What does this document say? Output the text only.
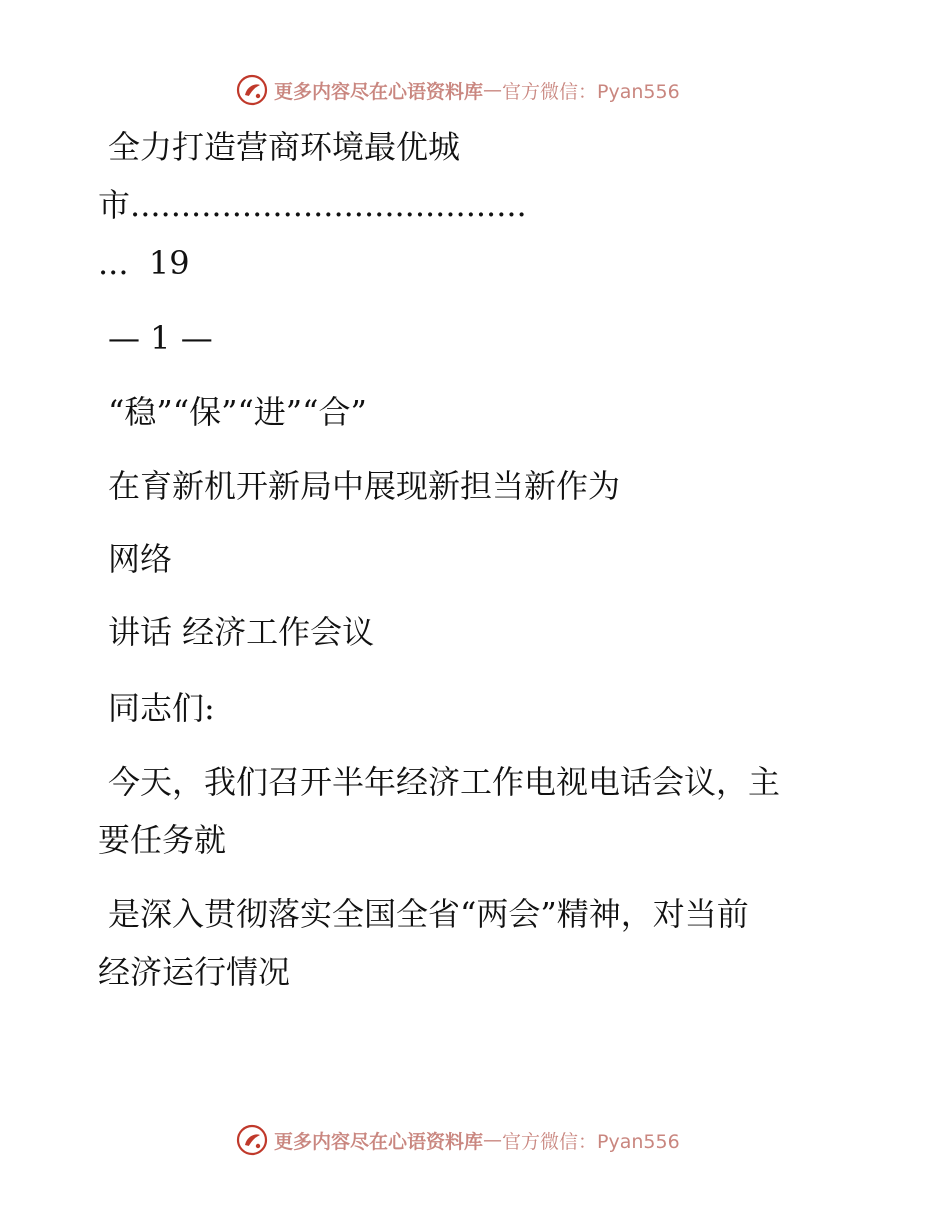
更多内容尽在心语资料库 — 官方微信：Pyan556
全力打造营商环境最优城
市.......................................
... 19
— 1 —
“稳”“保”“进”“合”
在育新机开新局中展现新担当新作为
网络
讲话 经济工作会议
同志们:
今天，我们召开半年经济工作电视电话会议，主
要任务就
是深入贯彻落实全国全省“两会”精神，对当前
经济运行情况
更多内容尽在心语资料库 — 官方微信：Pyan556
